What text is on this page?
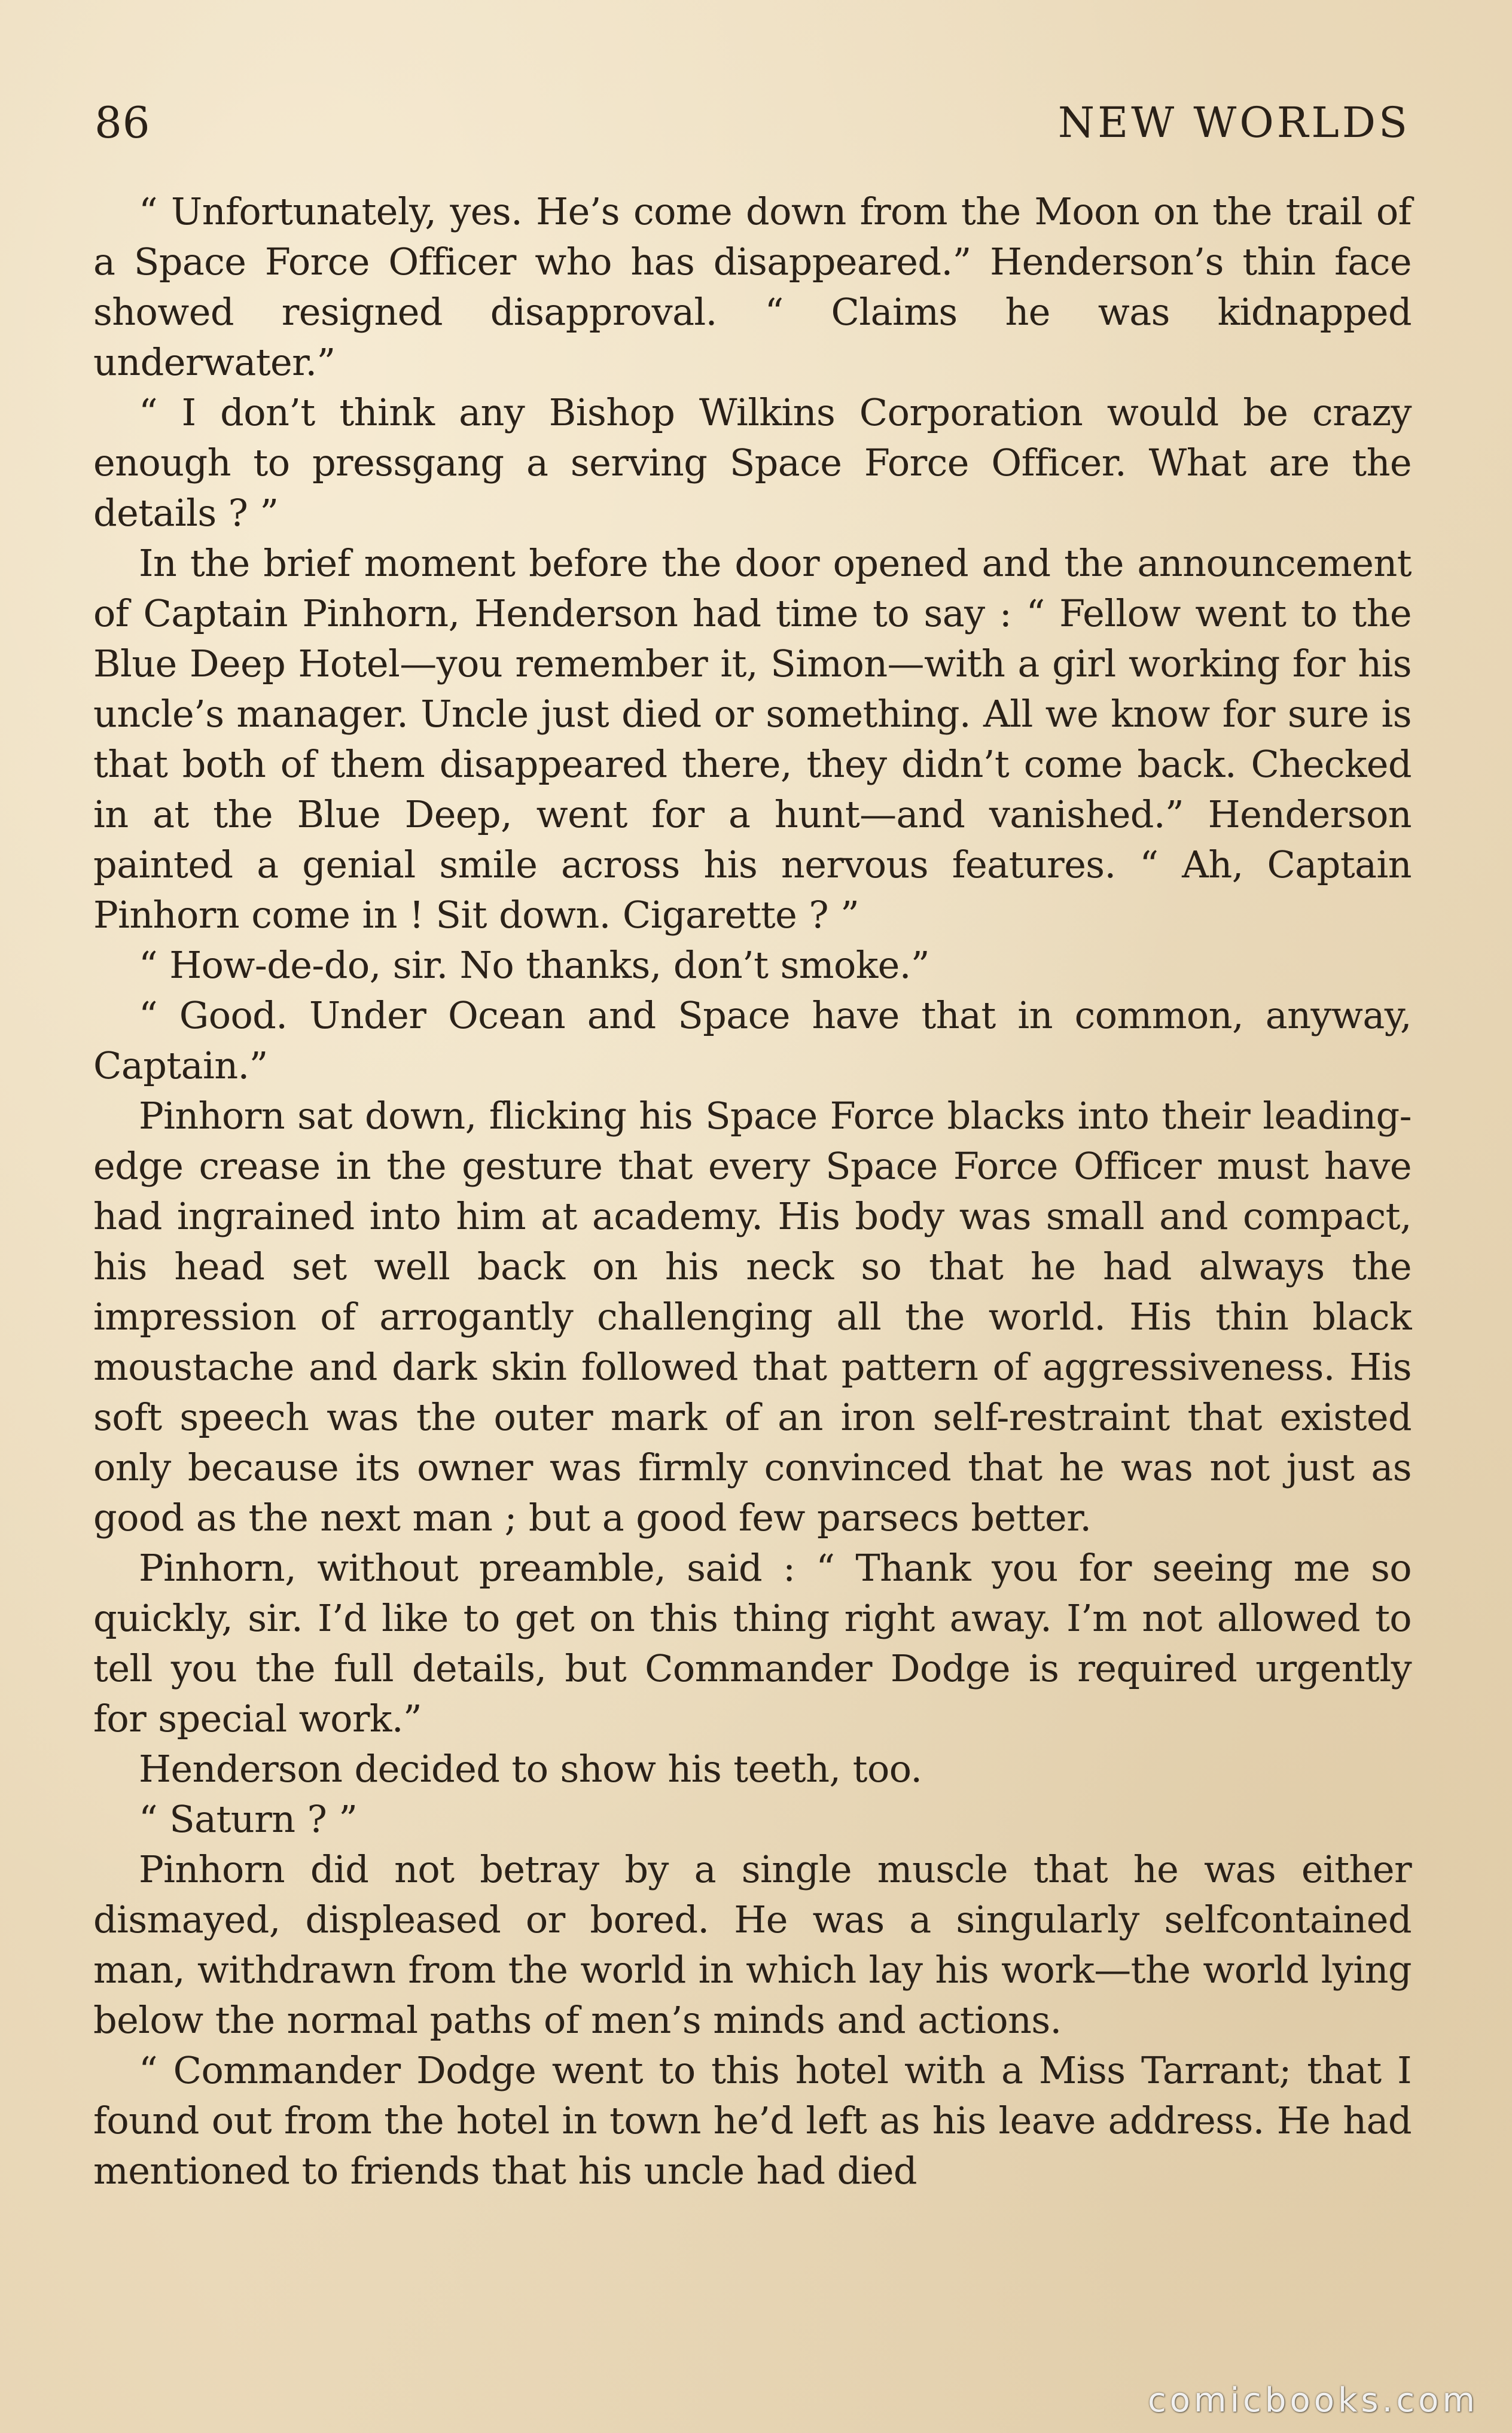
86	NEW WORLDS

“ Unfortunately, yes. He’s come down from the Moon on the trail of a Space Force Officer who has disappeared.” Henderson’s thin face showed resigned disapproval. “ Claims he was kidnapped underwater.”

“ I don’t think any Bishop Wilkins Corporation would be crazy enough to pressgang a serving Space Force Officer. What are the details ? ”

In the brief moment before the door opened and the announcement of Captain Pinhorn, Henderson had time to say : “ Fellow went to the Blue Deep Hotel—you remember it, Simon—with a girl working for his uncle’s manager. Uncle just died or something. All we know for sure is that both of them disappeared there, they didn’t come back. Checked in at the Blue Deep, went for a hunt—and vanished.” Henderson painted a genial smile across his nervous features. “ Ah, Captain Pinhorn come in ! Sit down. Cigarette ? ”

“ How-de-do, sir. No thanks, don’t smoke.”

“ Good. Under Ocean and Space have that in common, anyway, Captain.”

Pinhorn sat down, flicking his Space Force blacks into their leading-edge crease in the gesture that every Space Force Officer must have had ingrained into him at academy. His body was small and compact, his head set well back on his neck so that he had always the impression of arrogantly challenging all the world. His thin black moustache and dark skin followed that pattern of aggressiveness. His soft speech was the outer mark of an iron self-restraint that existed only because its owner was firmly convinced that he was not just as good as the next man ; but a good few parsecs better.

Pinhorn, without preamble, said : “ Thank you for seeing me so quickly, sir. I’d like to get on this thing right away. I’m not allowed to tell you the full details, but Commander Dodge is required urgently for special work.”

Henderson decided to show his teeth, too.

“ Saturn ? ”

Pinhorn did not betray by a single muscle that he was either dismayed, displeased or bored. He was a singularly selfcontained man, withdrawn from the world in which lay his work—the world lying below the normal paths of men’s minds and actions.

“ Commander Dodge went to this hotel with a Miss Tarrant; that I found out from the hotel in town he’d left as his leave address. He had mentioned to friends that his uncle had died

comicbooks.com
